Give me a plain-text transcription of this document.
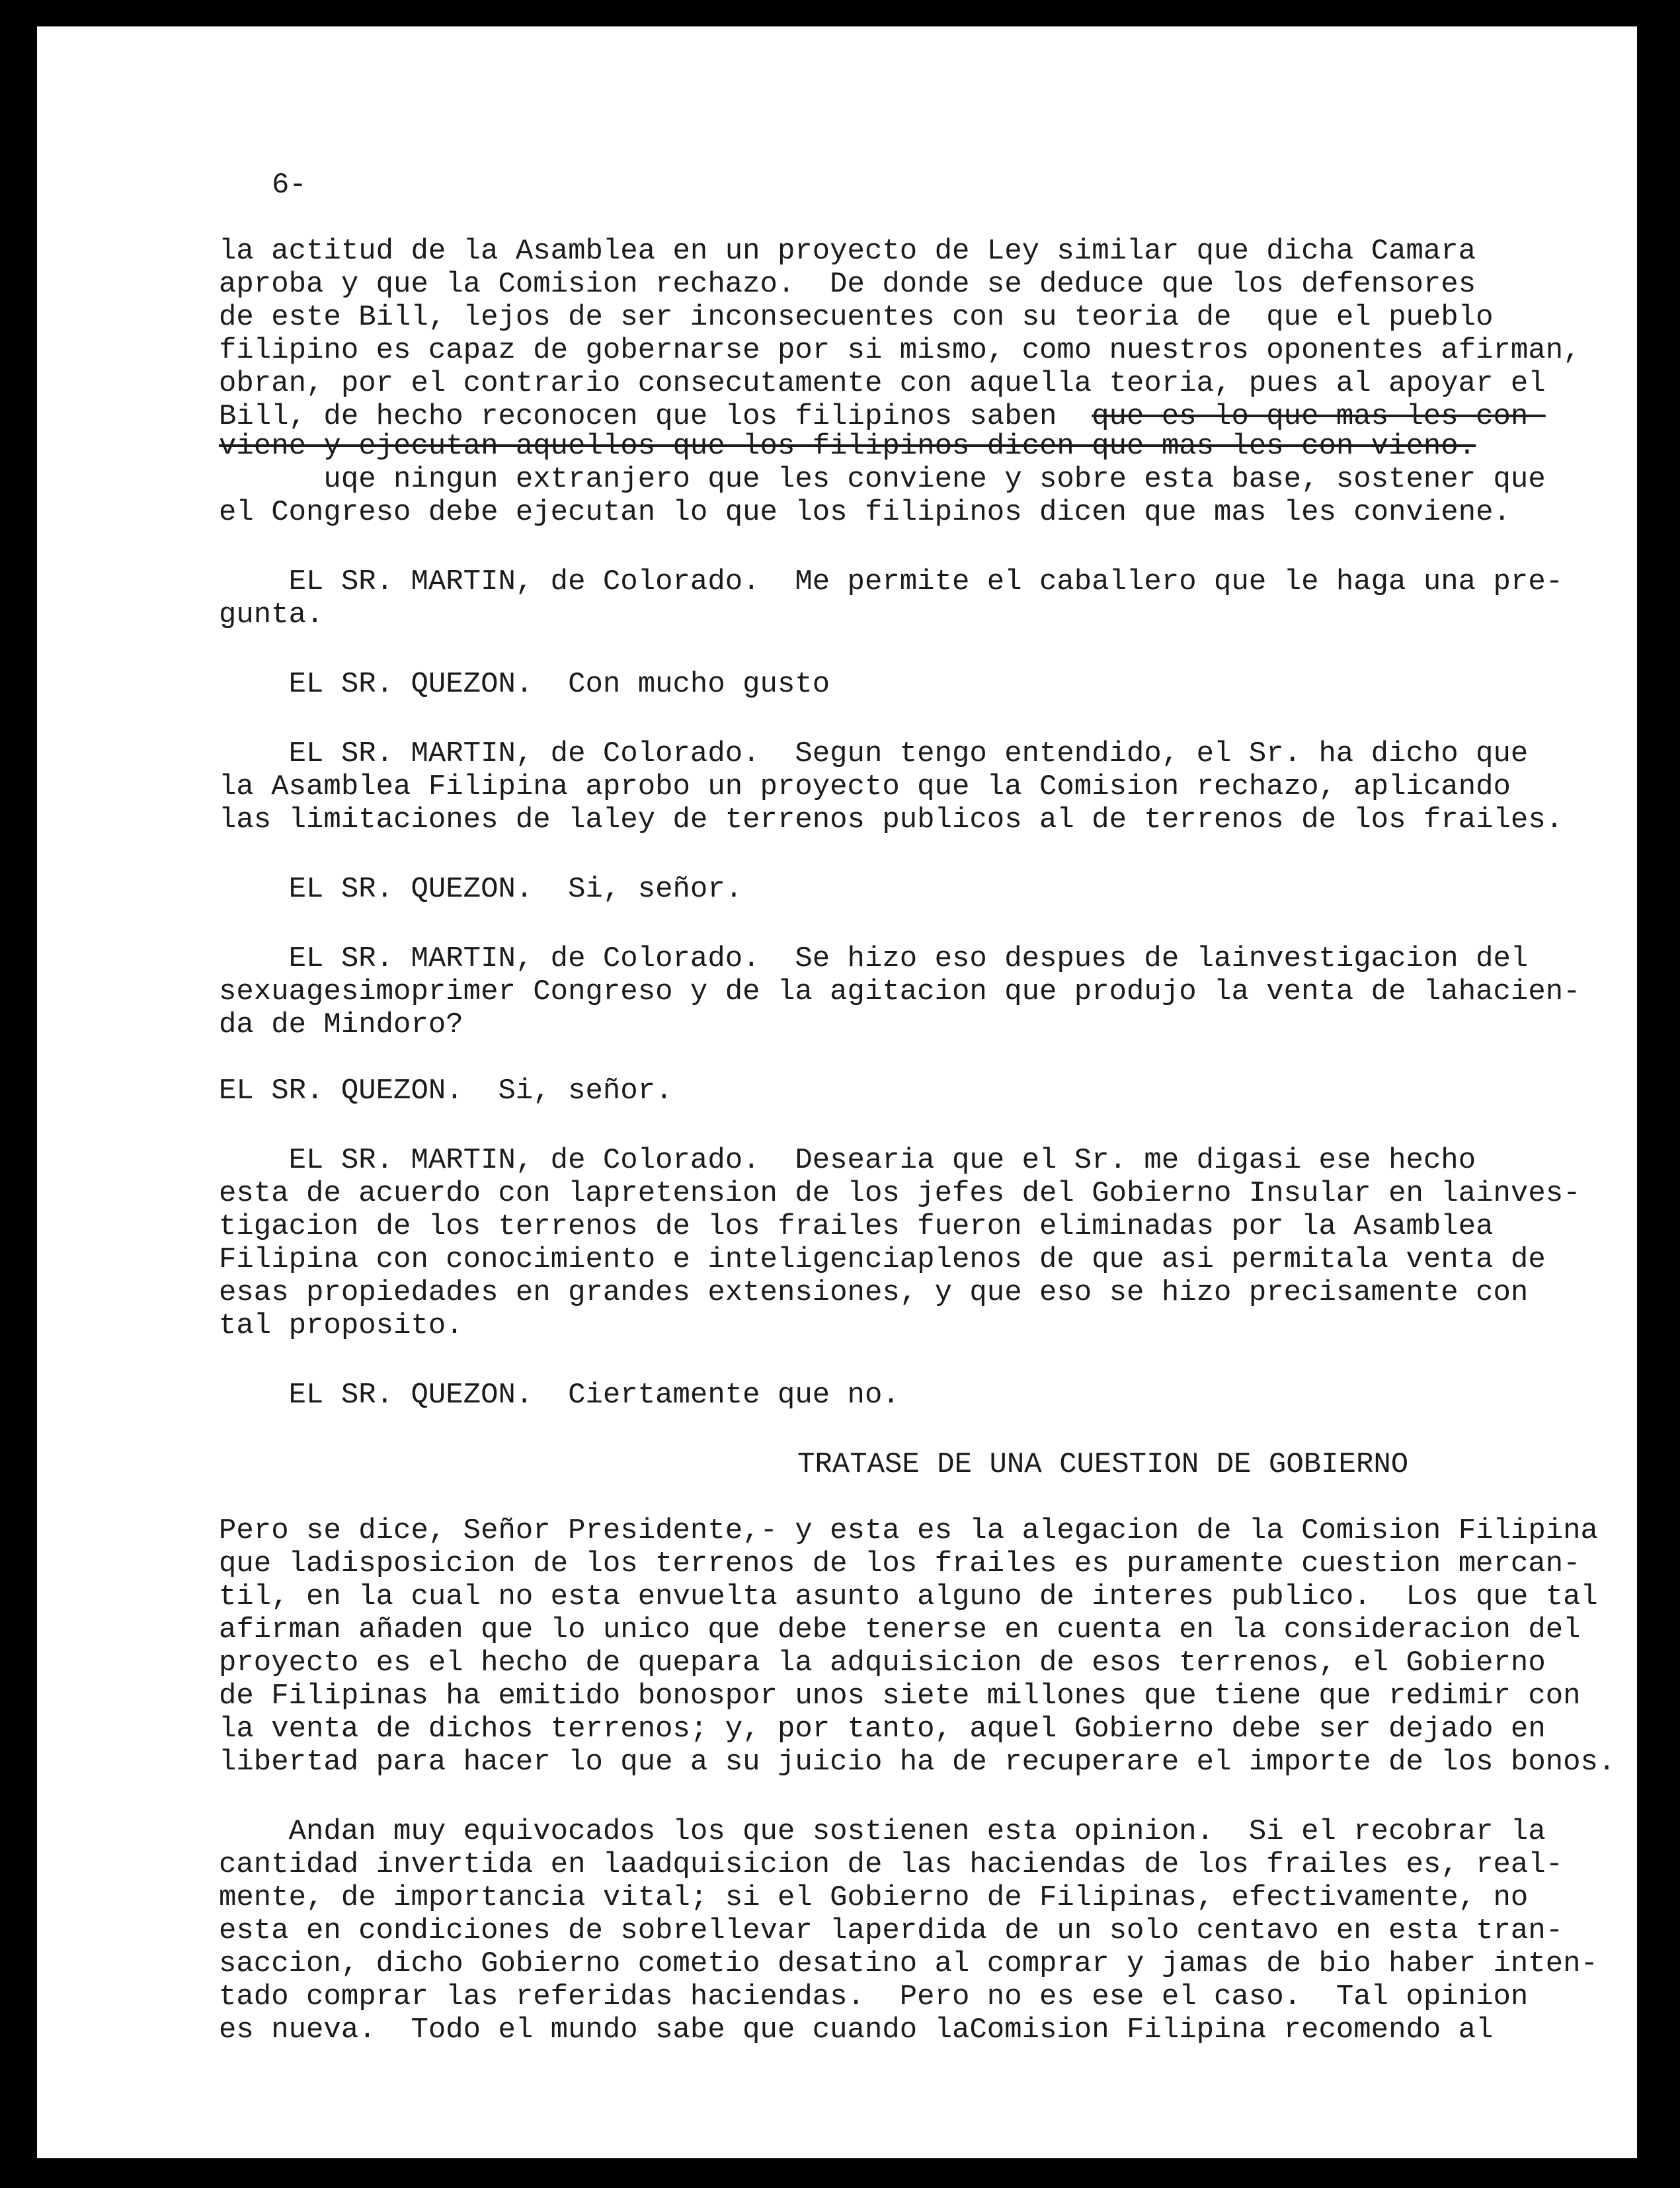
6-

la actitud de la Asamblea en un proyecto de Ley similar que dicha Camara

aproba y que la Comision rechazo.  De donde se deduce que los defensores

de este Bill, lejos de ser inconsecuentes con su teoria de  que el pueblo

filipino es capaz de gobernarse por si mismo, como nuestros oponentes afirman,

obran, por el contrario consecutamente con aquella teoria, pues al apoyar el

Bill, de hecho reconocen que los filipinos saben que es lo que mas les con-

viene y ejecutan aquellos que los filipinos dicen que mas les con vieno.

uqe ningun extranjero que les conviene y sobre esta base, sostener que

el Congreso debe ejecutan lo que los filipinos dicen que mas les conviene.

EL SR. MARTIN, de Colorado.  Me permite el caballero que le haga una pre-

gunta.

EL SR. QUEZON.  Con mucho gusto

EL SR. MARTIN, de Colorado.  Segun tengo entendido, el Sr. ha dicho que

la Asamblea Filipina aprobo un proyecto que la Comision rechazo, aplicando

las limitaciones de laley de terrenos publicos al de terrenos de los frailes.

EL SR. QUEZON.  Si, señor.

EL SR. MARTIN, de Colorado.  Se hizo eso despues de lainvestigacion del

sexuagesimoprimer Congreso y de la agitacion que produjo la venta de lahacien-

da de Mindoro?

EL SR. QUEZON.  Si, señor.

EL SR. MARTIN, de Colorado.  Desearia que el Sr. me digasi ese hecho

esta de acuerdo con lapretension de los jefes del Gobierno Insular en lainves-

tigacion de los terrenos de los frailes fueron eliminadas por la Asamblea

Filipina con conocimiento e inteligenciaplenos de que asi permitala venta de

esas propiedades en grandes extensiones, y que eso se hizo precisamente con

tal proposito.

EL SR. QUEZON.  Ciertamente que no.

TRATASE DE UNA CUESTION DE GOBIERNO

Pero se dice, Señor Presidente,- y esta es la alegacion de la Comision Filipina

que ladisposicion de los terrenos de los frailes es puramente cuestion mercan-

til, en la cual no esta envuelta asunto alguno de interes publico.  Los que tal

afirman añaden que lo unico que debe tenerse en cuenta en la consideracion del

proyecto es el hecho de quepara la adquisicion de esos terrenos, el Gobierno

de Filipinas ha emitido bonospor unos siete millones que tiene que redimir con

la venta de dichos terrenos; y, por tanto, aquel Gobierno debe ser dejado en

libertad para hacer lo que a su juicio ha de recuperare el importe de los bonos.

Andan muy equivocados los que sostienen esta opinion.  Si el recobrar la

cantidad invertida en laadquisicion de las haciendas de los frailes es, real-

mente, de importancia vital; si el Gobierno de Filipinas, efectivamente, no

esta en condiciones de sobrellevar laperdida de un solo centavo en esta tran-

saccion, dicho Gobierno cometio desatino al comprar y jamas de bio haber inten-

tado comprar las referidas haciendas.  Pero no es ese el caso.  Tal opinion

es nueva.  Todo el mundo sabe que cuando laComision Filipina recomendo al
